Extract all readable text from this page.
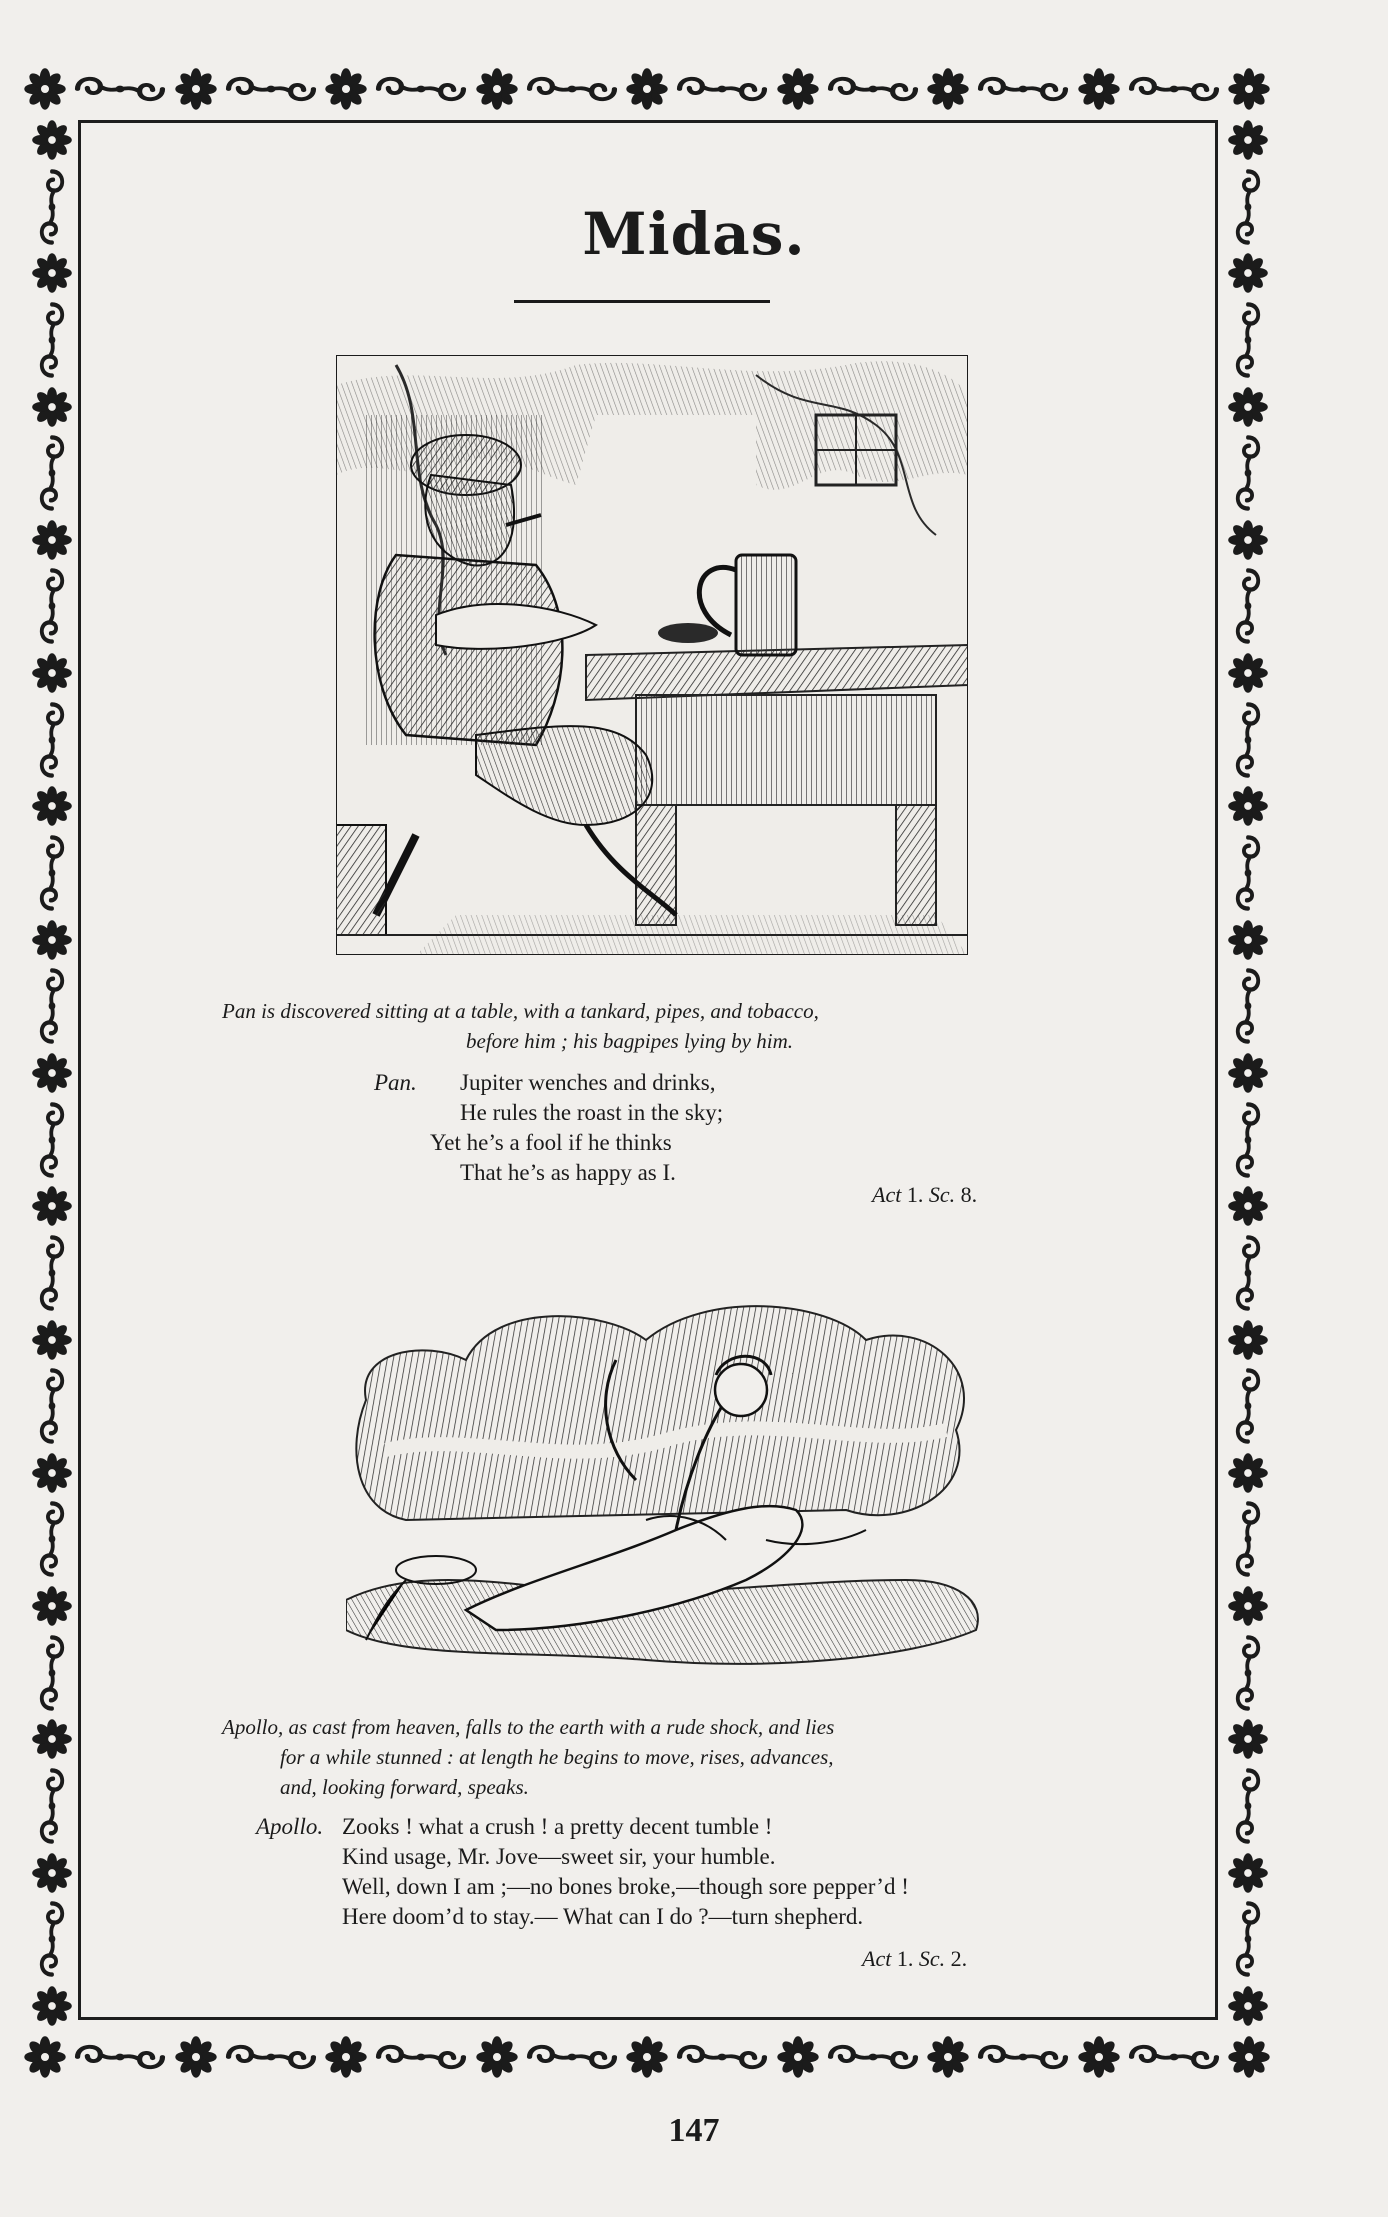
Midas.
Pan is discovered sitting at a table, with a tankard, pipes, and tobacco,
before him ; his bagpipes lying by him.
Pan.	Jupiter wenches and drinks,
He rules the roast in the sky;
Yet he’s a fool if he thinks
That he’s as happy as I.
Act 1. Sc. 8.
Apollo, as cast from heaven, falls to the earth with a rude shock, and lies
for a while stunned : at length he begins to move, rises, advances,
and, looking forward, speaks.
Apollo. Zooks ! what a crush ! a pretty decent tumble !
Kind usage, Mr. Jove—sweet sir, your humble.
Well, down I am ;—no bones broke,—though sore pepper’d !
Here doom’d to stay.— What can I do ?—turn shepherd.
Act 1. Sc. 2.
147
